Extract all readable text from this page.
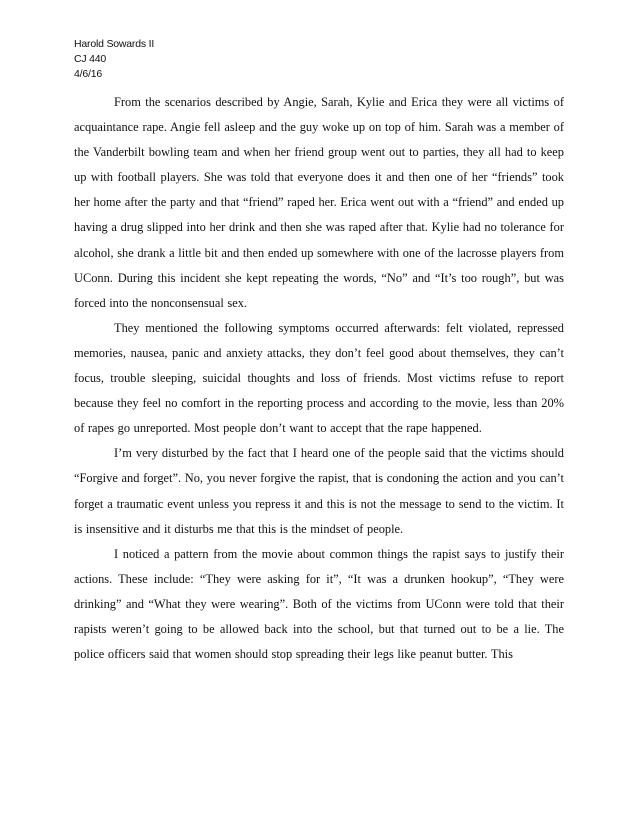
Harold Sowards II
CJ 440
4/6/16

From the scenarios described by Angie, Sarah, Kylie and Erica they were all victims of acquaintance rape. Angie fell asleep and the guy woke up on top of him. Sarah was a member of the Vanderbilt bowling team and when her friend group went out to parties, they all had to keep up with football players. She was told that everyone does it and then one of her “friends” took her home after the party and that “friend” raped her. Erica went out with a “friend” and ended up having a drug slipped into her drink and then she was raped after that. Kylie had no tolerance for alcohol, she drank a little bit and then ended up somewhere with one of the lacrosse players from UConn. During this incident she kept repeating the words, “No” and “It’s too rough”, but was forced into the nonconsensual sex.

They mentioned the following symptoms occurred afterwards: felt violated, repressed memories, nausea, panic and anxiety attacks, they don’t feel good about themselves, they can’t focus, trouble sleeping, suicidal thoughts and loss of friends. Most victims refuse to report because they feel no comfort in the reporting process and according to the movie, less than 20% of rapes go unreported. Most people don’t want to accept that the rape happened.

I’m very disturbed by the fact that I heard one of the people said that the victims should “Forgive and forget”. No, you never forgive the rapist, that is condoning the action and you can’t forget a traumatic event unless you repress it and this is not the message to send to the victim. It is insensitive and it disturbs me that this is the mindset of people.

I noticed a pattern from the movie about common things the rapist says to justify their actions. These include: “They were asking for it”, “It was a drunken hookup”, “They were drinking” and “What they were wearing”. Both of the victims from UConn were told that their rapists weren’t going to be allowed back into the school, but that turned out to be a lie. The police officers said that women should stop spreading their legs like peanut butter. This
